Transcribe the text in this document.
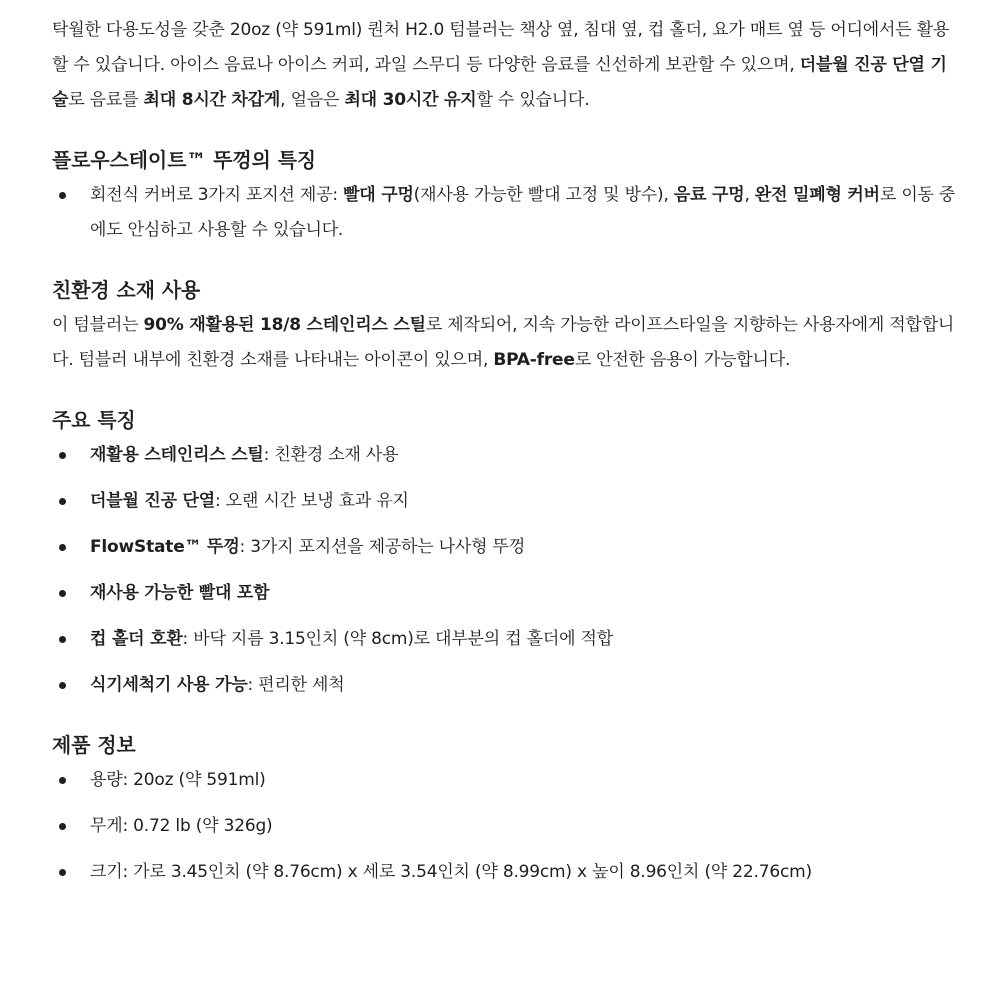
탁월한 다용도성을 갖춘 20oz (약 591ml) 퀀처 H2.0 텀블러는 책상 옆, 침대 옆, 컵 홀더, 요가 매트 옆 등 어디에서든 활용할 수 있습니다. 아이스 음료나 아이스 커피, 과일 스무디 등 다양한 음료를 신선하게 보관할 수 있으며, 더블월 진공 단열 기술로 음료를 최대 8시간 차갑게, 얼음은 최대 30시간 유지할 수 있습니다.

플로우스테이트™ 뚜껑의 특징
회전식 커버로 3가지 포지션 제공: 빨대 구멍(재사용 가능한 빨대 고정 및 방수), 음료 구멍, 완전 밀폐형 커버로 이동 중에도 안심하고 사용할 수 있습니다.
친환경 소재 사용

이 텀블러는 90% 재활용된 18/8 스테인리스 스틸로 제작되어, 지속 가능한 라이프스타일을 지향하는 사용자에게 적합합니다. 텀블러 내부에 친환경 소재를 나타내는 아이콘이 있으며, BPA-free로 안전한 음용이 가능합니다.

주요 특징
재활용 스테인리스 스틸: 친환경 소재 사용
더블월 진공 단열: 오랜 시간 보냉 효과 유지
FlowState™ 뚜껑: 3가지 포지션을 제공하는 나사형 뚜껑
재사용 가능한 빨대 포함
컵 홀더 호환: 바닥 지름 3.15인치 (약 8cm)로 대부분의 컵 홀더에 적합
식기세척기 사용 가능: 편리한 세척
제품 정보
용량: 20oz (약 591ml)
무게: 0.72 lb (약 326g)
크기: 가로 3.45인치 (약 8.76cm) x 세로 3.54인치 (약 8.99cm) x 높이 8.96인치 (약 22.76cm)
